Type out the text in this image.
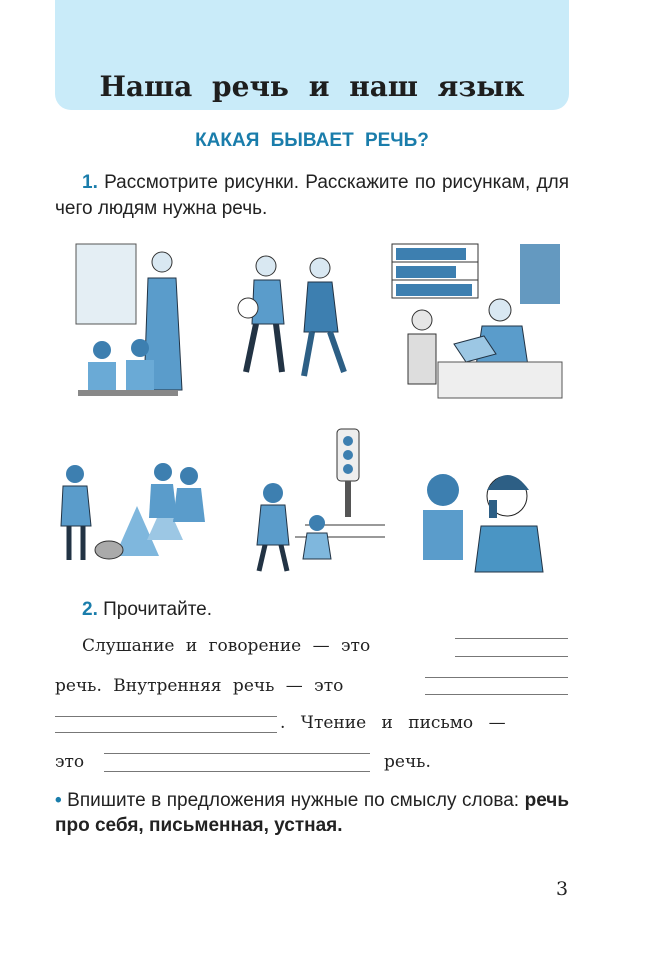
Наша речь и наш язык
КАКАЯ БЫВАЕТ РЕЧЬ?
1. Рассмотрите рисунки. Расскажите по рисункам, для чего людям нужна речь.
2. Прочитайте.
Слушание и говорение — это
речь. Внутренняя речь — это
. Чтение и письмо —
это	речь.
• Впишите в предложения нужные по смыслу слова: речь про себя, письменная, устная.
3
